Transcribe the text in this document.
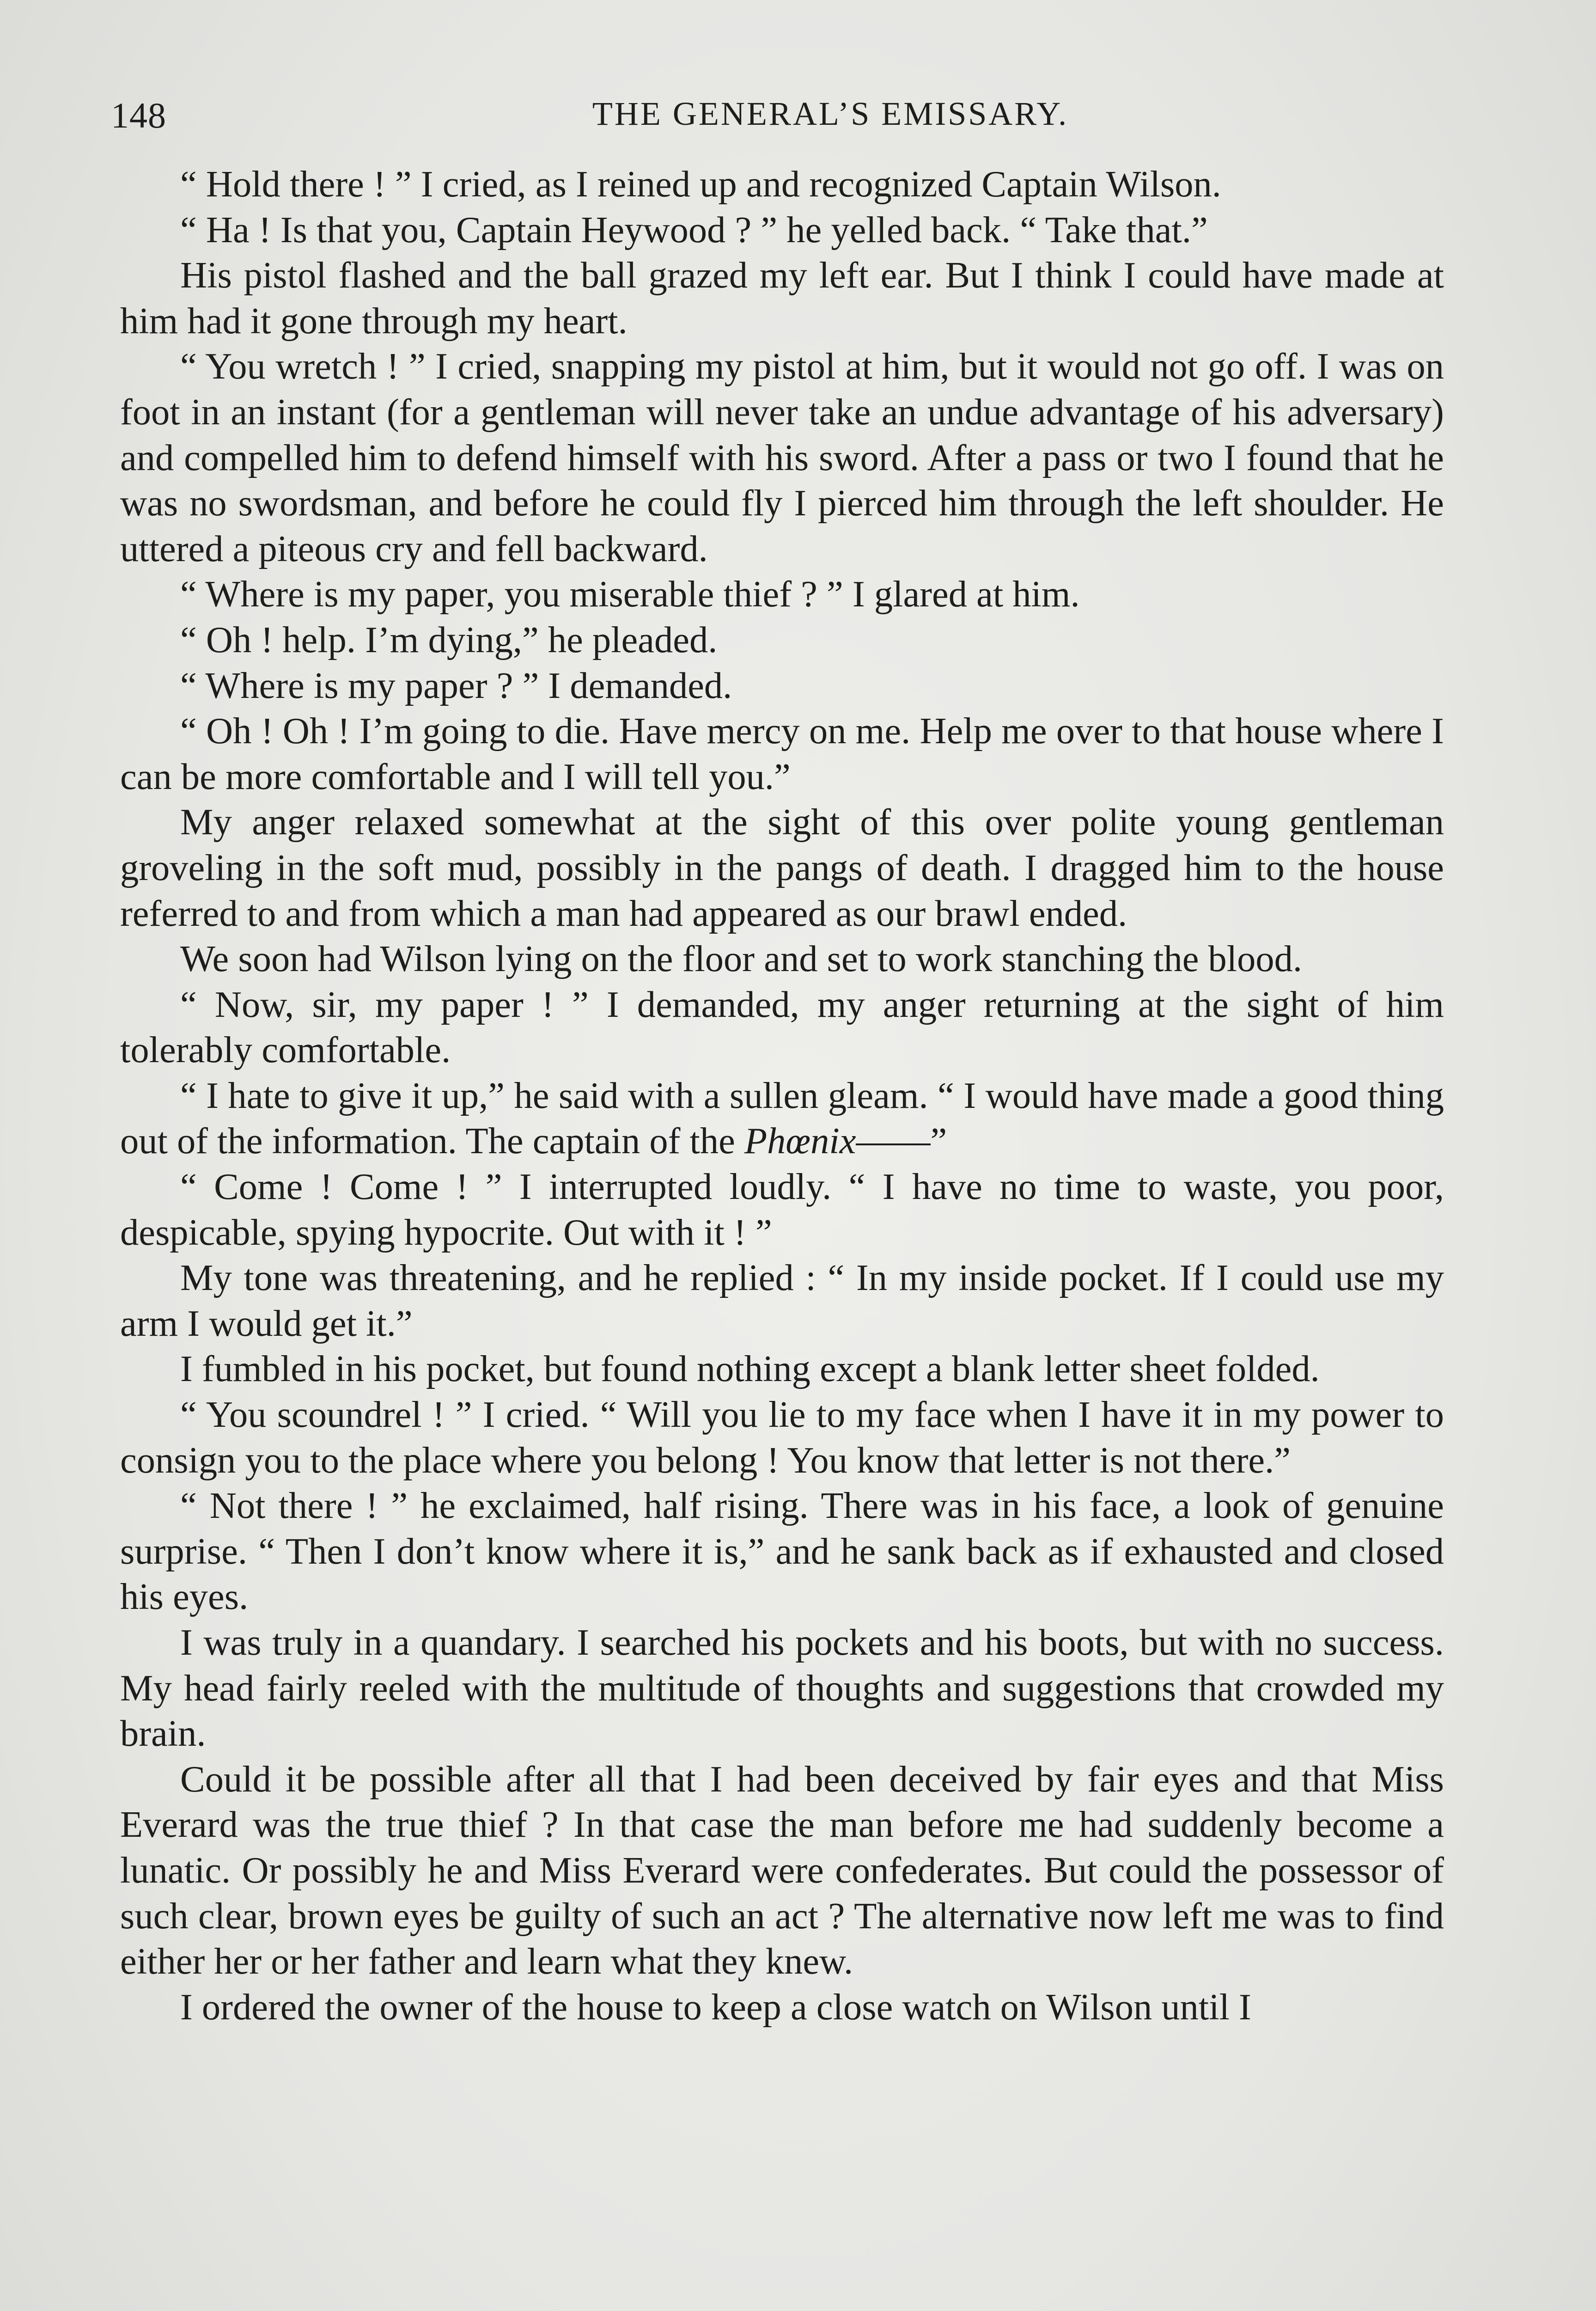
148	THE GENERAL’S EMISSARY.

“ Hold there ! ” I cried, as I reined up and recognized Captain Wilson.

“ Ha ! Is that you, Captain Heywood ? ” he yelled back. “ Take that.”

His pistol flashed and the ball grazed my left ear. But I think I could have made at him had it gone through my heart.

“ You wretch ! ” I cried, snapping my pistol at him, but it would not go off. I was on foot in an instant (for a gentleman will never take an undue advantage of his adversary) and compelled him to defend himself with his sword. After a pass or two I found that he was no swordsman, and before he could fly I pierced him through the left shoulder. He uttered a piteous cry and fell backward.

“ Where is my paper, you miserable thief ? ” I glared at him.

“ Oh ! help. I’m dying,” he pleaded.

“ Where is my paper ? ” I demanded.

“ Oh ! Oh ! I’m going to die. Have mercy on me. Help me over to that house where I can be more comfortable and I will tell you.”

My anger relaxed somewhat at the sight of this over polite young gentleman groveling in the soft mud, possibly in the pangs of death. I dragged him to the house referred to and from which a man had appeared as our brawl ended.

We soon had Wilson lying on the floor and set to work stanching the blood.

“ Now, sir, my paper ! ” I demanded, my anger returning at the sight of him tolerably comfortable.

“ I hate to give it up,” he said with a sullen gleam. “ I would have made a good thing out of the information. The captain of the Phœnix——”

“ Come ! Come ! ” I interrupted loudly. “ I have no time to waste, you poor, despicable, spying hypocrite. Out with it ! ”

My tone was threatening, and he replied : “ In my inside pocket. If I could use my arm I would get it.”

I fumbled in his pocket, but found nothing except a blank letter sheet folded.

“ You scoundrel ! ” I cried. “ Will you lie to my face when I have it in my power to consign you to the place where you belong ! You know that letter is not there.”

“ Not there ! ” he exclaimed, half rising. There was in his face, a look of genuine surprise. “ Then I don’t know where it is,” and he sank back as if exhausted and closed his eyes.

I was truly in a quandary. I searched his pockets and his boots, but with no success. My head fairly reeled with the multitude of thoughts and suggestions that crowded my brain.

Could it be possible after all that I had been deceived by fair eyes and that Miss Everard was the true thief ? In that case the man before me had suddenly become a lunatic. Or possibly he and Miss Everard were confederates. But could the possessor of such clear, brown eyes be guilty of such an act ? The alternative now left me was to find either her or her father and learn what they knew.

I ordered the owner of the house to keep a close watch on Wilson until I
